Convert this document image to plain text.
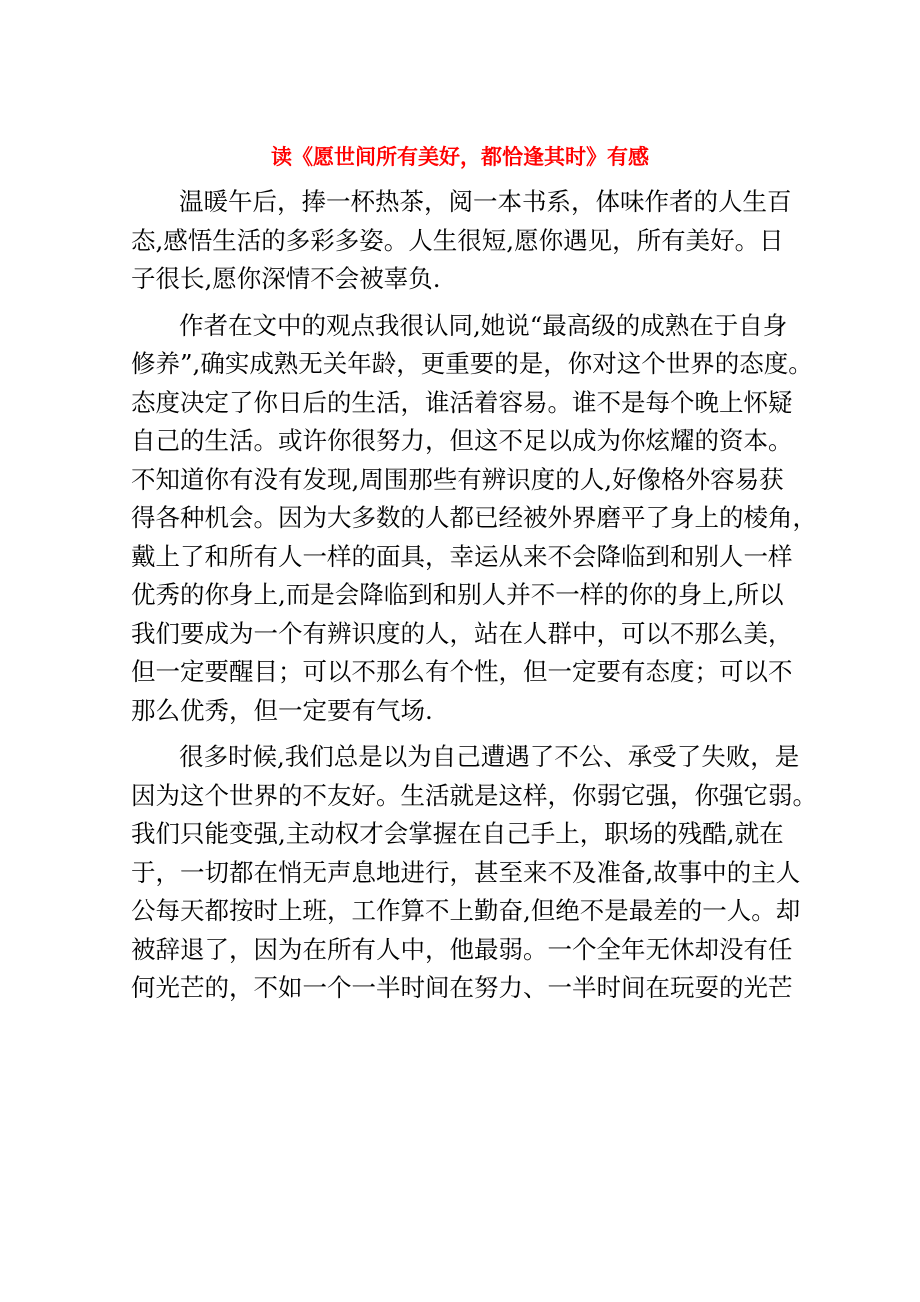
读《愿世间所有美好，都恰逢其时》有感
温暖午后，捧一杯热茶，阅一本书系，体味作者的人生百
态,感悟生活的多彩多姿。人生很短,愿你遇见，所有美好。日
子很长,愿你深情不会被辜负.
作者在文中的观点我很认同,她说“最高级的成熟在于自身
修养”,确实成熟无关年龄，更重要的是，你对这个世界的态度。
态度决定了你日后的生活，谁活着容易。谁不是每个晚上怀疑
自己的生活。或许你很努力，但这不足以成为你炫耀的资本。
不知道你有没有发现,周围那些有辨识度的人,好像格外容易获
得各种机会。因为大多数的人都已经被外界磨平了身上的棱角，
戴上了和所有人一样的面具，幸运从来不会降临到和别人一样
优秀的你身上,而是会降临到和别人并不一样的你的身上,所以
我们要成为一个有辨识度的人，站在人群中，可以不那么美，
但一定要醒目；可以不那么有个性，但一定要有态度；可以不
那么优秀，但一定要有气场.
很多时候,我们总是以为自己遭遇了不公、承受了失败，是
因为这个世界的不友好。生活就是这样，你弱它强，你强它弱。
我们只能变强,主动权才会掌握在自己手上，职场的残酷,就在
于，一切都在悄无声息地进行，甚至来不及准备,故事中的主人
公每天都按时上班，工作算不上勤奋,但绝不是最差的一人。却
被辞退了，因为在所有人中，他最弱。一个全年无休却没有任
何光芒的，不如一个一半时间在努力、一半时间在玩耍的光芒
